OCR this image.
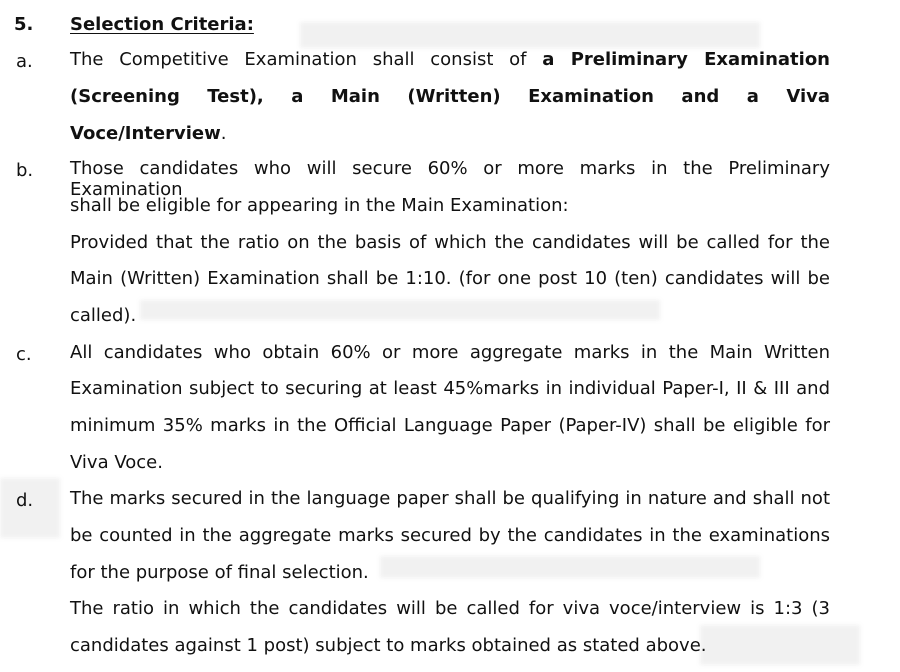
5. Selection Criteria:
a.
b.
c.
d.
The Competitive Examination shall consist of a Preliminary Examination
(Screening Test), a Main (Written) Examination and a Viva
Voce/Interview.
Those candidates who will secure 60% or more marks in the Preliminary Examination
shall be eligible for appearing in the Main Examination:
Provided that the ratio on the basis of which the candidates will be called for the
Main (Written) Examination shall be 1:10. (for one post 10 (ten) candidates will be
called).
All candidates who obtain 60% or more aggregate marks in the Main Written
Examination subject to securing at least 45%marks in individual Paper-I, II & III and
minimum 35% marks in the Official Language Paper (Paper-IV) shall be eligible for
Viva Voce.
The marks secured in the language paper shall be qualifying in nature and shall not
be counted in the aggregate marks secured by the candidates in the examinations
for the purpose of final selection.
The ratio in which the candidates will be called for viva voce/interview is 1:3 (3
candidates against 1 post) subject to marks obtained as stated above.
